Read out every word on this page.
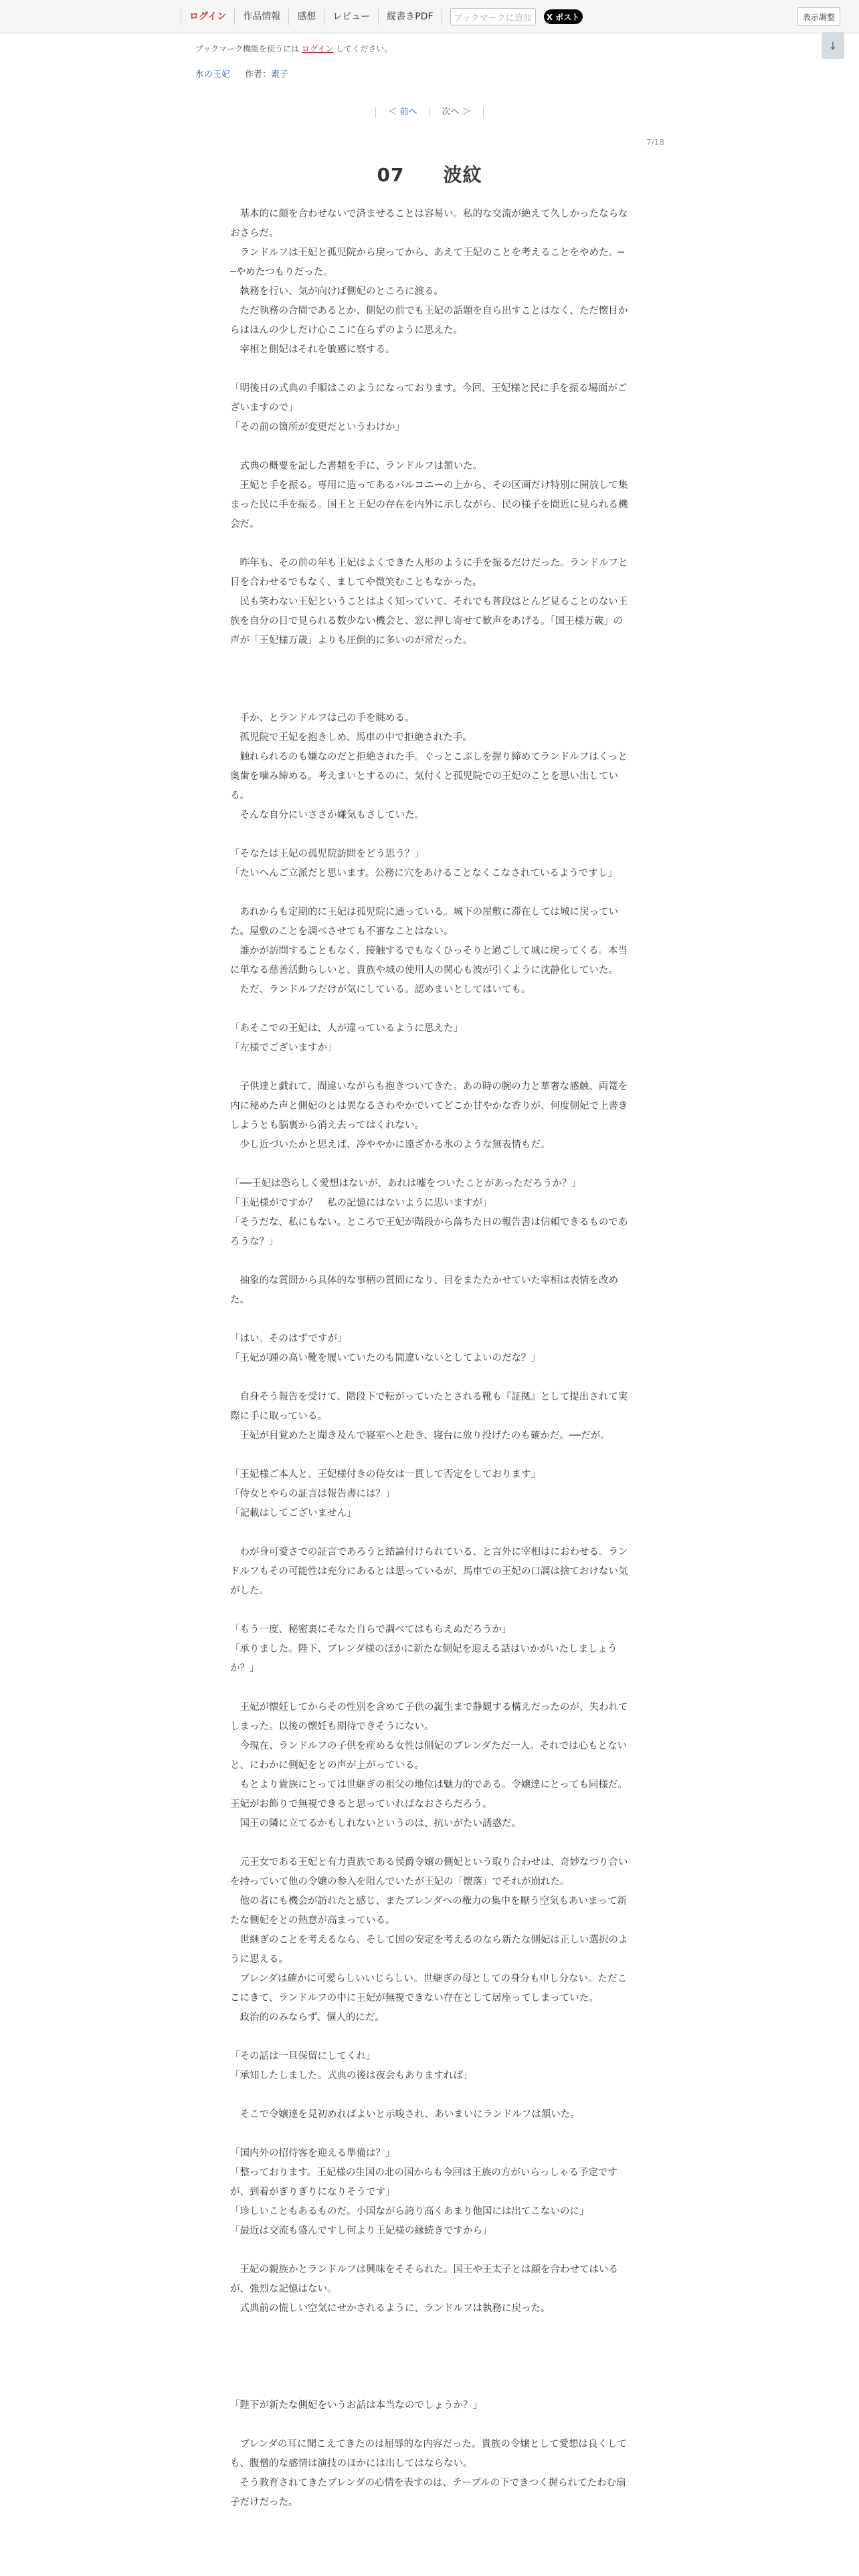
ログイン	作品情報	感想	レビュー	縦書きPDF	ブックマークに追加	X ポスト	表示調整
ブックマーク機能を使うには ログイン してください。	↓
氷の王妃 作者： 素子
＜ 前へ	次へ ＞
7/18
07　　波紋

　基本的に顔を合わせないで済ませることは容易い。私的な交流が絶えて久しかったならなおさらだ。

　ランドルフは王妃と孤児院から戻ってから、あえて王妃のことを考えることをやめた。──やめたつもりだった。

　執務を行い、気が向けば側妃のところに渡る。

　ただ執務の合間であるとか、側妃の前でも王妃の話題を自ら出すことはなく、ただ懐目からはほんの少しだけ心ここに在らずのように思えた。

　宰相と側妃はそれを敏感に察する。

「明後日の式典の手順はこのようになっております。今回、王妃様と民に手を振る場面がございますので」

「その前の箇所が変更だというわけか」

　式典の概要を記した書類を手に、ランドルフは頷いた。

　王妃と手を振る。専用に造ってあるバルコニーの上から、その区画だけ特別に開放して集まった民に手を振る。国王と王妃の存在を内外に示しながら、民の様子を間近に見られる機会だ。

　昨年も、その前の年も王妃はよくできた人形のように手を振るだけだった。ランドルフと目を合わせるでもなく、ましてや微笑むこともなかった。

　民も笑わない王妃ということはよく知っていて、それでも普段はとんど見ることのない王族を自分の目で見られる数少ない機会と、窓に押し寄せて歓声をあげる。「国王様万歳」の声が「王妃様万歳」よりも圧倒的に多いのが常だった。

　手か、とランドルフは己の手を眺める。

　孤児院で王妃を抱きしめ、馬車の中で拒絶された手。

　触れられるのも嫌なのだと拒絶された手。ぐっとこぶしを握り締めてランドルフはくっと奥歯を噛み締める。考えまいとするのに、気付くと孤児院での王妃のことを思い出している。

　そんな自分にいささか嫌気もさしていた。

「そなたは王妃の孤児院訪問をどう思う？」

「たいへんご立派だと思います。公務に穴をあけることなくこなされているようですし」

　あれからも定期的に王妃は孤児院に通っている。城下の屋敷に滞在しては城に戻っていた。屋敷のことを調べさせても不審なことはない。

　誰かが訪問することもなく、接触するでもなくひっそりと過ごして城に戻ってくる。本当に単なる慈善活動らしいと、貴族や城の使用人の関心も波が引くように沈静化していた。

　ただ、ランドルフだけが気にしている。認めまいとしてはいても。

「あそこでの王妃は、人が違っているように思えた」

「左様でございますか」

　子供達と戯れて、間違いながらも抱きついてきた。あの時の腕の力と華奢な感触、両篭を内に秘めた声と側妃のとは異なるさわやかでいてどこか甘やかな香りが、何度側妃で上書きしようとも脳裏から消え去ってはくれない。

　少し近づいたかと思えば、冷ややかに遠ざかる氷のような無表情もだ。

「──王妃は恐らしく愛想はないが、あれは嘘をついたことがあっただろうか？」

「王妃様がですか？　私の記憶にはないように思いますが」

「そうだな、私にもない。ところで王妃が階段から落ちた日の報告書は信頼できるものであろうな？」

　抽象的な質問から具体的な事柄の質問になり、目をまたたかせていた宰相は表情を改めた。

「はい。そのはずですが」

「王妃が踵の高い靴を履いていたのも間違いないとしてよいのだな？」

　自身そう報告を受けて、階段下で転がっていたとされる靴も『証拠』として提出されて実際に手に取っている。

　王妃が目覚めたと聞き及んで寝室へと赴き、寝台に放り投げたのも確かだ。──だが。

「王妃様ご本人と、王妃様付きの侍女は一貫して否定をしております」

「侍女とやらの証言は報告書には？」

「記載はしてございません」

　わが身可愛さでの証言であろうと結論付けられている、と言外に宰相はにおわせる。ランドルフもその可能性は充分にあるとは思っているが、馬車での王妃の口調は捨ておけない気がした。

「もう一度、秘密裏にそなた自らで調べてはもらえぬだろうか」

「承りました。陛下、ブレンダ様のほかに新たな側妃を迎える話はいかがいたしましょうか？」

　王妃が懐妊してからその性別を含めて子供の誕生まで静観する構えだったのが、失われてしまった。以後の懐妊も期待できそうにない。

　今現在、ランドルフの子供を産める女性は側妃のブレンダただ一人。それでは心もとないと、にわかに側妃をとの声が上がっている。

　もとより貴族にとっては世継ぎの祖父の地位は魅力的である。令嬢達にとっても同様だ。王妃がお飾りで無視できると思っていればなおさらだろう。

　国王の隣に立てるかもしれないというのは、抗いがたい誘惑だ。

　元王女である王妃と有力貴族である侯爵令嬢の側妃という取り合わせは、奇妙なつり合いを持っていて他の令嬢の参入を阻んでいたが王妃の「懐落」でそれが崩れた。

　他の者にも機会が訪れたと感じ、またブレンダへの権力の集中を厭う空気もあいまって新たな側妃をとの熱意が高まっている。

　世継ぎのことを考えるなら、そして国の安定を考えるのなら新たな側妃は正しい選択のように思える。

　ブレンダは確かに可愛らしいいじらしい。世継ぎの母としての身分も申し分ない。ただここにきて、ランドルフの中に王妃が無視できない存在として居座ってしまっていた。

　政治的のみならず、個人的にだ。

「その話は一旦保留にしてくれ」

「承知したしました。式典の後は夜会もありますれば」

　そこで令嬢達を見初めればよいと示唆され、あいまいにランドルフは頷いた。

「国内外の招待客を迎える準備は？」

「整っております。王妃様の生国の北の国からも今回は王族の方がいらっしゃる予定ですが、到着がぎりぎりになりそうです」

「珍しいこともあるものだ。小国ながら誇り高くあまり他国には出てこないのに」

「最近は交流も盛んですし何より王妃様の縁続きですから」

　王妃の親族かとランドルフは興味をそそられた。国王や王太子とは顔を合わせてはいるが、強烈な記憶はない。

　式典前の慌しい空気にせかされるように、ランドルフは執務に戻った。

「陛下が新たな側妃をいうお話は本当なのでしょうか？」

　ブレンダの耳に聞こえてきたのは屈辱的な内容だった。貴族の令嬢として愛想は良くしても、腹僧的な感情は演技のほかには出してはならない。

　そう教育されてきたブレンダの心情を表すのは、テーブルの下できつく握られてたわむ扇子だけだった。
